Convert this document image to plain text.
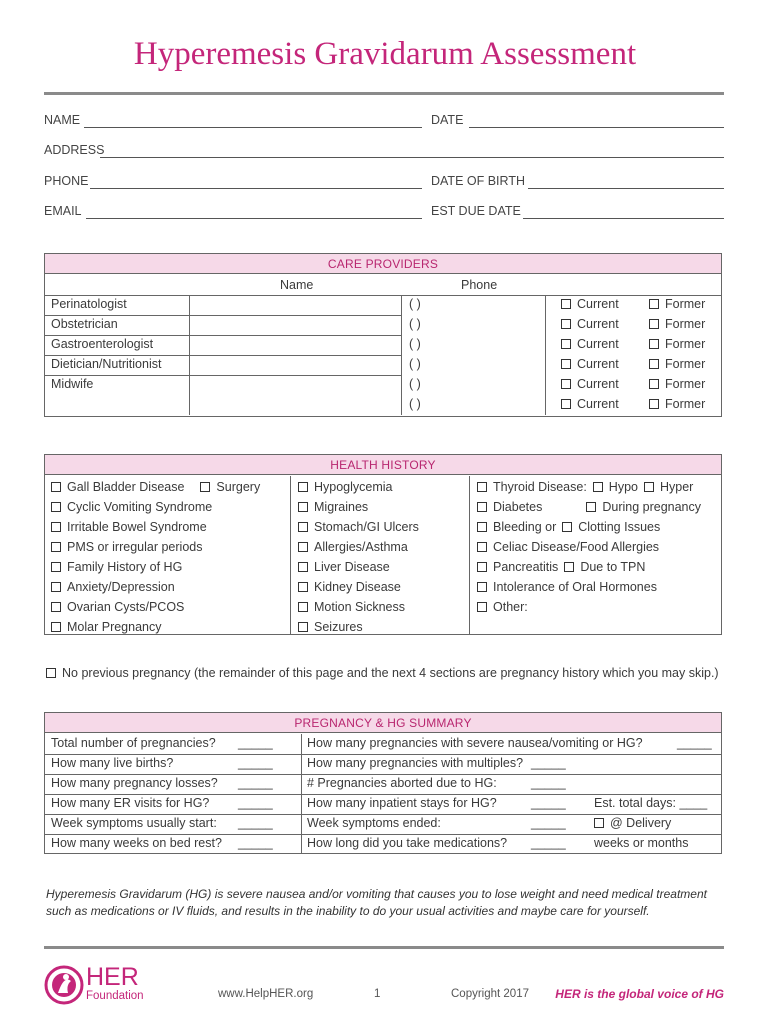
Hyperemesis Gravidarum Assessment
NAME	DATE
ADDRESS
PHONE	DATE OF BIRTH
EMAIL	EST DUE DATE
CARE PROVIDERS
Name	Phone
Perinatologist	( )	Current	Former
Obstetrician	( )	Current	Former
Gastroenterologist	( )	Current	Former
Dietician/Nutritionist	( )	Current	Former
Midwife	( )	Current	Former
( )	Current	Former
HEALTH HISTORY
Gall Bladder Disease	Surgery
Cyclic Vomiting Syndrome
Irritable Bowel Syndrome
PMS or irregular periods
Family History of HG
Anxiety/Depression
Ovarian Cysts/PCOS
Molar Pregnancy
Hypoglycemia
Migraines
Stomach/GI Ulcers
Allergies/Asthma
Liver Disease
Kidney Disease
Motion Sickness
Seizures
Thyroid Disease: Hypo Hyper
Diabetes	During pregnancy
Bleeding or Clotting Issues
Celiac Disease/Food Allergies
Pancreatitis Due to TPN
Intolerance of Oral Hormones
Other:
No previous pregnancy (the remainder of this page and the next 4 sections are pregnancy history which you may skip.)
PREGNANCY & HG SUMMARY
Total number of pregnancies? _____	How many pregnancies with severe nausea/vomiting or HG?	_____
How many live births?	_____	How many pregnancies with multiples? _____
How many pregnancy losses? _____	# Pregnancies aborted due to HG:	_____
How many ER visits for HG? _____	How many inpatient stays for HG?	_____ Est. total days: ____
Week symptoms usually start: _____	Week symptoms ended:	_____	@ Delivery
How many weeks on bed rest? _____	How long did you take medications? _____ weeks or months
Hyperemesis Gravidarum (HG) is severe nausea and/or vomiting that causes you to lose weight and need medical treatment such as medications or IV fluids, and results in the inability to do your usual activities and maybe care for yourself.
HER
Foundation	www.HelpHER.org	1	Copyright 2017 HER is the global voice of HG
